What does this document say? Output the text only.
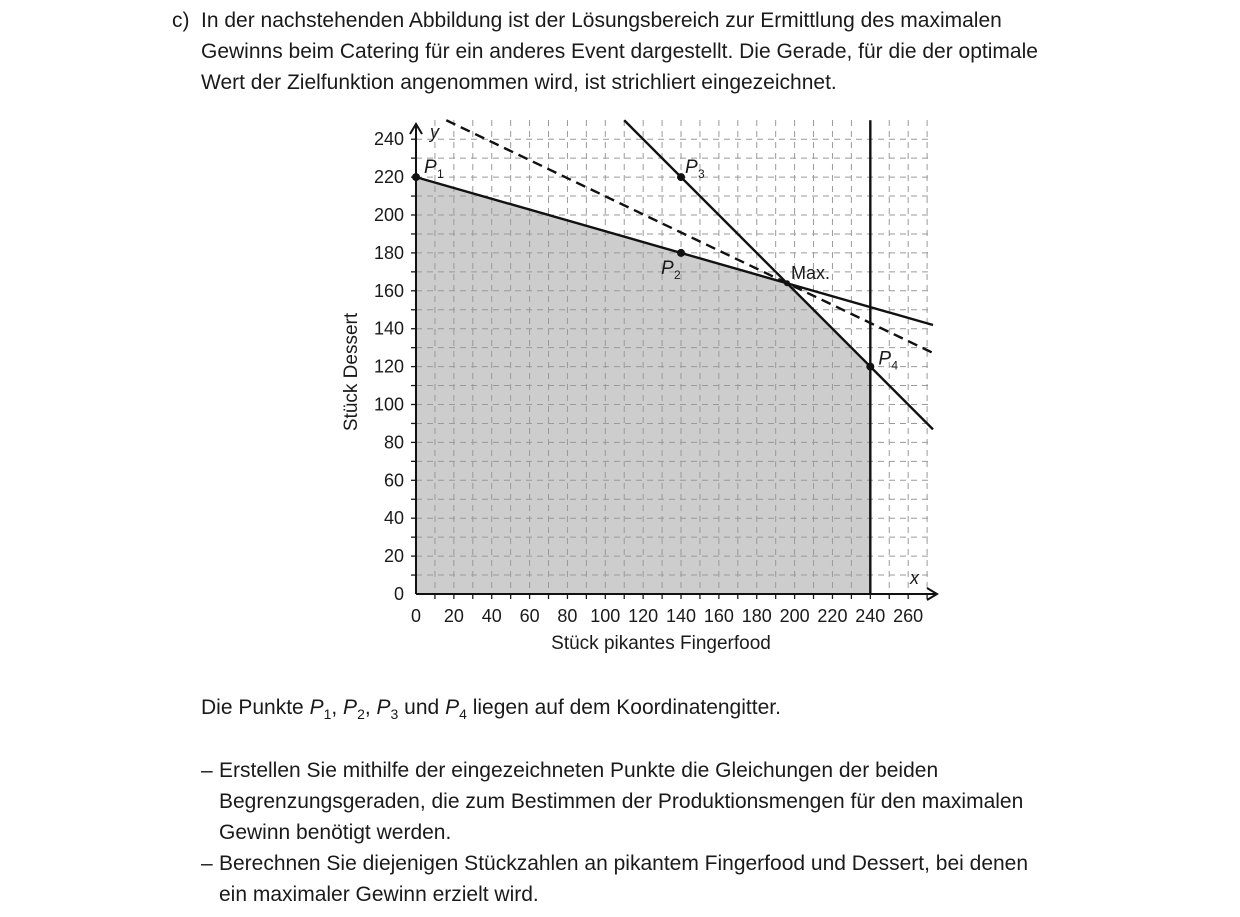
c) In der nachstehenden Abbildung ist der Lösungsbereich zur Ermittlung des maximalen
Gewinns beim Catering für ein anderes Event dargestellt. Die Gerade, für die der optimale
Wert der Zielfunktion angenommen wird, ist strichliert eingezeichnet.
0 20 40 60 80 100 120 140 160 180 200 220 240 260
0
20
40
60
80
100
120
140
160
180
200
220
240
P 1
P 2
P 3
P 4
Stück pikantes Fingerfood
Stück Dessert
x
y
Max.
Die Punkte $P_1$, $P_2$, $P_3$ und $P_4$ liegen auf dem Koordinatengitter.
– Erstellen Sie mithilfe der eingezeichneten Punkte die Gleichungen der beiden
Begrenzungsgeraden, die zum Bestimmen der Produktionsmengen für den maximalen
Gewinn benötigt werden.
– Berechnen Sie diejenigen Stückzahlen an pikantem Fingerfood und Dessert, bei denen
ein maximaler Gewinn erzielt wird.
